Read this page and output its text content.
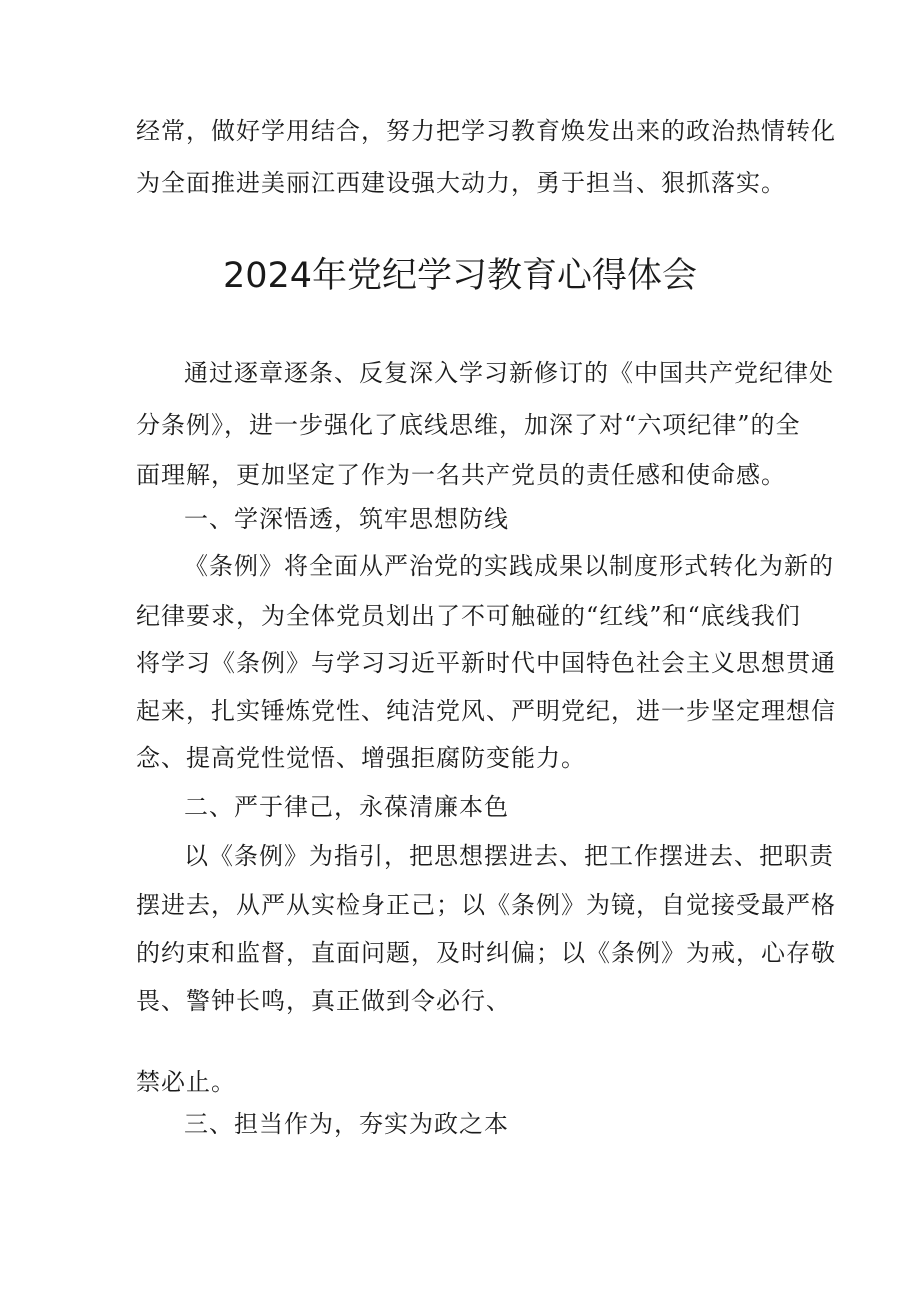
经常，做好学用结合，努力把学习教育焕发出来的政治热情转化
为全面推进美丽江西建设强大动力，勇于担当、狠抓落实。
2024年党纪学习教育心得体会
通过逐章逐条、反复深入学习新修订的《中国共产党纪律处
分条例》，进一步强化了底线思维，加深了对“六项纪律”的全
面理解，更加坚定了作为一名共产党员的责任感和使命感。
一、学深悟透，筑牢思想防线
《条例》将全面从严治党的实践成果以制度形式转化为新的
纪律要求，为全体党员划出了不可触碰的“红线”和“底线我们
将学习《条例》与学习习近平新时代中国特色社会主义思想贯通
起来，扎实锤炼党性、纯洁党风、严明党纪，进一步坚定理想信
念、提高党性觉悟、增强拒腐防变能力。
二、严于律己，永葆清廉本色
以《条例》为指引，把思想摆进去、把工作摆进去、把职责
摆进去，从严从实检身正己；以《条例》为镜，自觉接受最严格
的约束和监督，直面问题，及时纠偏；以《条例》为戒，心存敬
畏、警钟长鸣，真正做到令必行、
禁必止。
三、担当作为，夯实为政之本
